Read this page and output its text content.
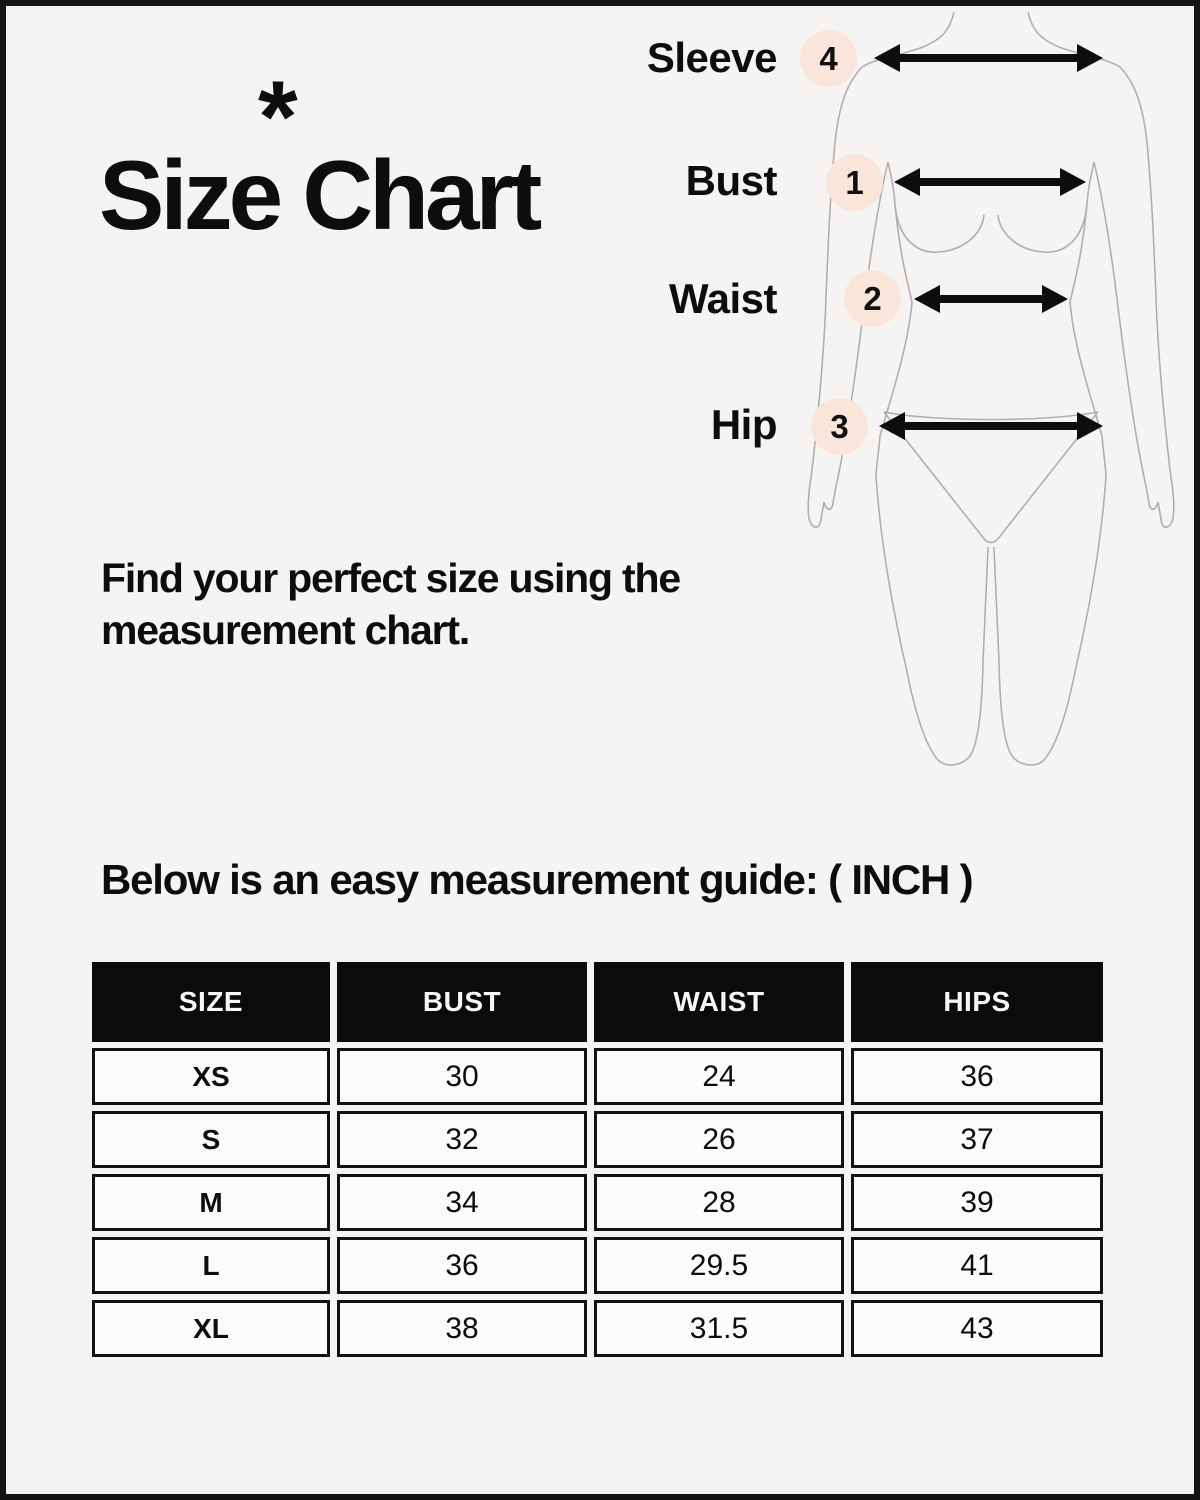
*
Size Chart
Sleeve
Bust
Waist
Hip
4
1
2
3

Find your perfect size using the measurement chart.

Below is an easy measurement guide: ( INCH )
SIZE	BUST	WAIST	HIPS
XS	30	24	36
S	32	26	37
M	34	28	39
L	36	29.5	41
XL	38	31.5	43
